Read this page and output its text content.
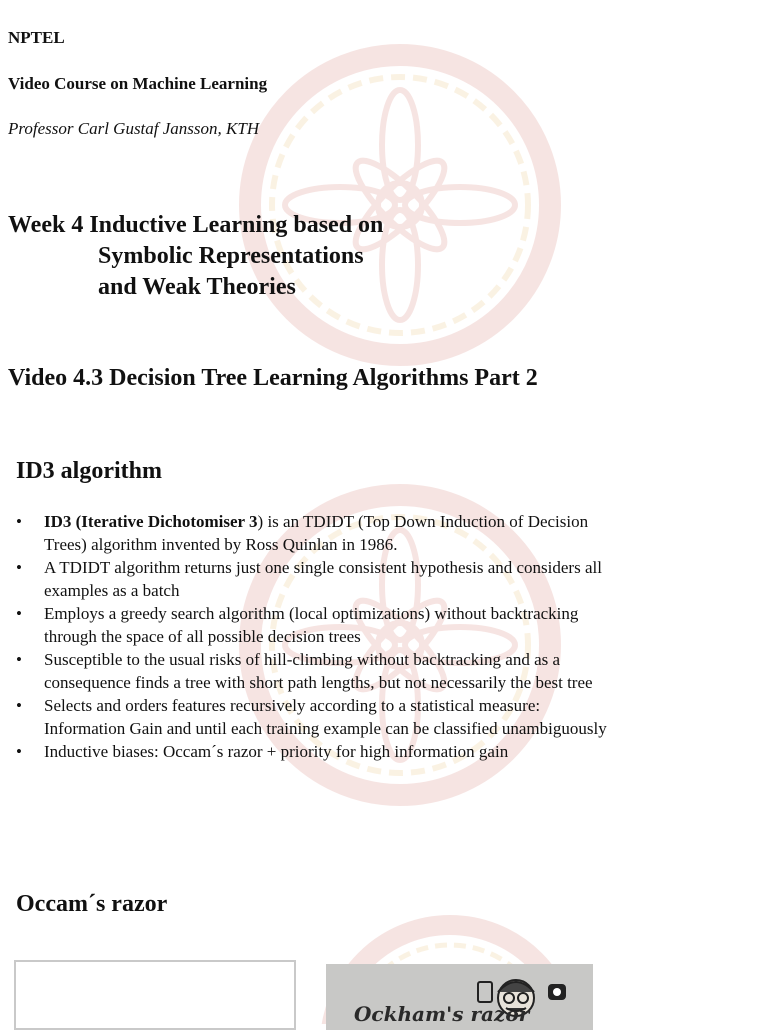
NPTEL
Video Course on Machine Learning
Professor Carl Gustaf Jansson, KTH
Week 4 Inductive Learning based on
Symbolic Representations
and Weak Theories
Video 4.3 Decision Tree Learning Algorithms Part 2
ID3 algorithm
• ID3 (Iterative Dichotomiser 3) is an TDIDT (Top Down Induction of Decision Trees) algorithm invented by Ross Quinlan in 1986.
• A TDIDT algorithm returns just one single consistent hypothesis and considers all examples as a batch
• Employs a greedy search algorithm (local optimizations) without backtracking through the space of all possible decision trees
• Susceptible to the usual risks of hill-climbing without backtracking and as a consequence finds a tree with short path lengths, but not necessarily the best tree
• Selects and orders features recursively according to a statistical measure: Information Gain and until each training example can be classified unambiguously
• Inductive biases: Occam´s razor + priority for high information gain
Occam´s razor
Ockham's razor
